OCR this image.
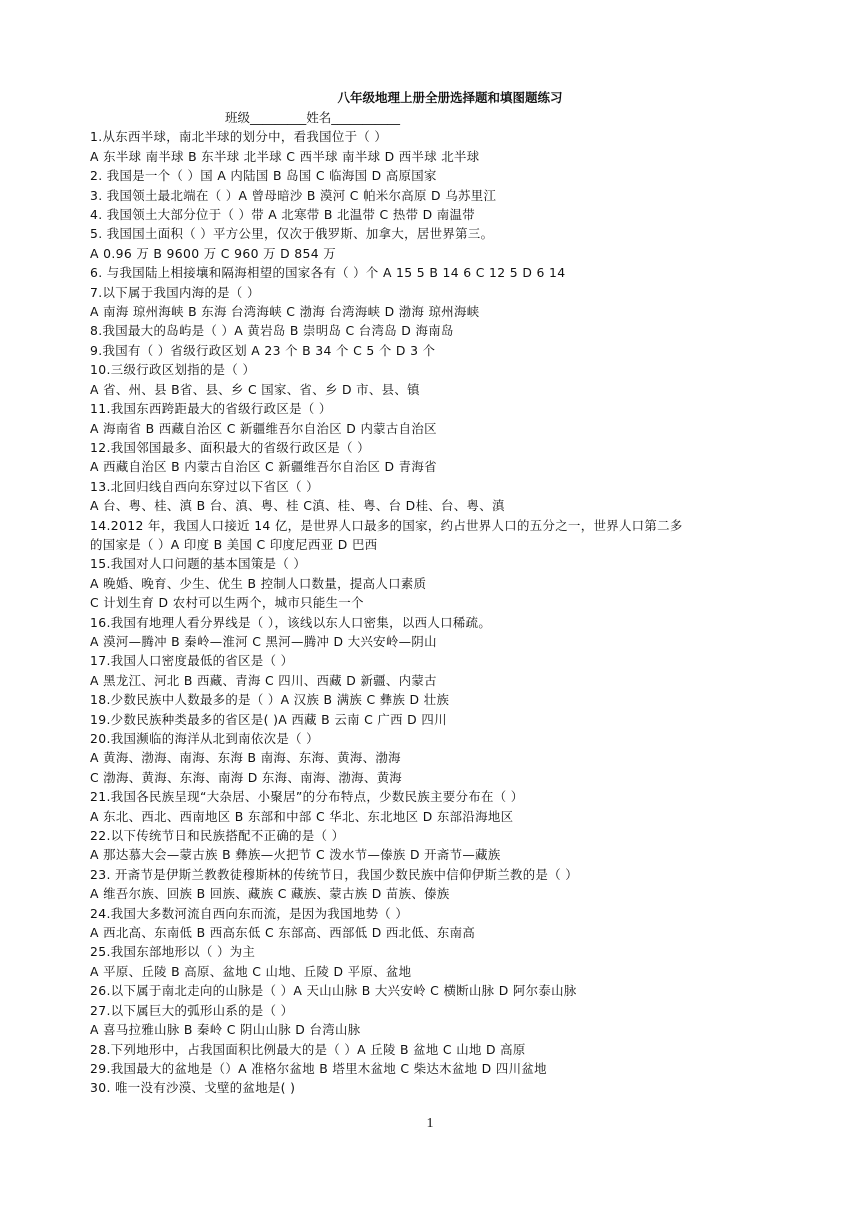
八年级地理上册全册选择题和填图题练习
班级_________姓名___________
1.从东西半球，南北半球的划分中，看我国位于（ ）
A 东半球 南半球 B 东半球 北半球 C 西半球 南半球 D 西半球 北半球
2. 我国是一个（ ）国 A 内陆国 B 岛国 C 临海国 D 高原国家
3. 我国领土最北端在（ ）A 曾母暗沙 B 漠河 C 帕米尔高原 D 乌苏里江
4. 我国领土大部分位于（ ）带 A 北寒带 B 北温带 C 热带 D 南温带
5. 我国国土面积（ ）平方公里，仅次于俄罗斯、加拿大，居世界第三。
A 0.96 万 B 9600 万 C 960 万 D 854 万
6. 与我国陆上相接壤和隔海相望的国家各有（ ）个 A 15 5 B 14 6 C 12 5 D 6 14
7.以下属于我国内海的是（ ）
A 南海 琼州海峡 B 东海 台湾海峡 C 渤海 台湾海峡 D 渤海 琼州海峡
8.我国最大的岛屿是（ ）A 黄岩岛 B 崇明岛 C 台湾岛 D 海南岛
9.我国有（ ）省级行政区划 A 23 个 B 34 个 C 5 个 D 3 个
10.三级行政区划指的是（ ）
A 省、州、县 B省、县、乡 C 国家、省、乡 D 市、县、镇
11.我国东西跨距最大的省级行政区是（ ）
A 海南省 B 西藏自治区 C 新疆维吾尔自治区 D 内蒙古自治区
12.我国邻国最多、面积最大的省级行政区是（ ）
A 西藏自治区 B 内蒙古自治区 C 新疆维吾尔自治区 D 青海省
13.北回归线自西向东穿过以下省区（ ）
A 台、粤、桂、滇 B 台、滇、粤、桂 C滇、桂、粤、台 D桂、台、粤、滇
14.2012 年，我国人口接近 14 亿，是世界人口最多的国家，约占世界人口的五分之一，世界人口第二多
的国家是（ ）A 印度 B 美国 C 印度尼西亚 D 巴西
15.我国对人口问题的基本国策是（ ）
A 晚婚、晚育、少生、优生 B 控制人口数量，提高人口素质
C 计划生育 D 农村可以生两个，城市只能生一个
16.我国有地理人看分界线是（ ），该线以东人口密集，以西人口稀疏。
A 漠河—腾冲 B 秦岭—淮河 C 黑河—腾冲 D 大兴安岭—阴山
17.我国人口密度最低的省区是（ ）
A 黑龙江、河北 B 西藏、青海 C 四川、西藏 D 新疆、内蒙古
18.少数民族中人数最多的是（ ）A 汉族 B 满族 C 彝族 D 壮族
19.少数民族种类最多的省区是( )A 西藏 B 云南 C 广西 D 四川
20.我国濒临的海洋从北到南依次是（ ）
A 黄海、渤海、南海、东海 B 南海、东海、黄海、渤海
C 渤海、黄海、东海、南海 D 东海、南海、渤海、黄海
21.我国各民族呈现“大杂居、小聚居”的分布特点，少数民族主要分布在（ ）
A 东北、西北、西南地区 B 东部和中部 C 华北、东北地区 D 东部沿海地区
22.以下传统节日和民族搭配不正确的是（ ）
A 那达慕大会—蒙古族 B 彝族—火把节 C 泼水节—傣族 D 开斋节—藏族
23. 开斋节是伊斯兰教教徒穆斯林的传统节日，我国少数民族中信仰伊斯兰教的是（ ）
A 维吾尔族、回族 B 回族、藏族 C 藏族、蒙古族 D 苗族、傣族
24.我国大多数河流自西向东而流，是因为我国地势（ ）
A 西北高、东南低 B 西高东低 C 东部高、西部低 D 西北低、东南高
25.我国东部地形以（ ）为主
A 平原、丘陵 B 高原、盆地 C 山地、丘陵 D 平原、盆地
26.以下属于南北走向的山脉是（ ）A 天山山脉 B 大兴安岭 C 横断山脉 D 阿尔泰山脉
27.以下属巨大的弧形山系的是（ ）
A 喜马拉雅山脉 B 秦岭 C 阴山山脉 D 台湾山脉
28.下列地形中，占我国面积比例最大的是（ ）A 丘陵 B 盆地 C 山地 D 高原
29.我国最大的盆地是（）A 准格尔盆地 B 塔里木盆地 C 柴达木盆地 D 四川盆地
30. 唯一没有沙漠、戈壁的盆地是( )
1
